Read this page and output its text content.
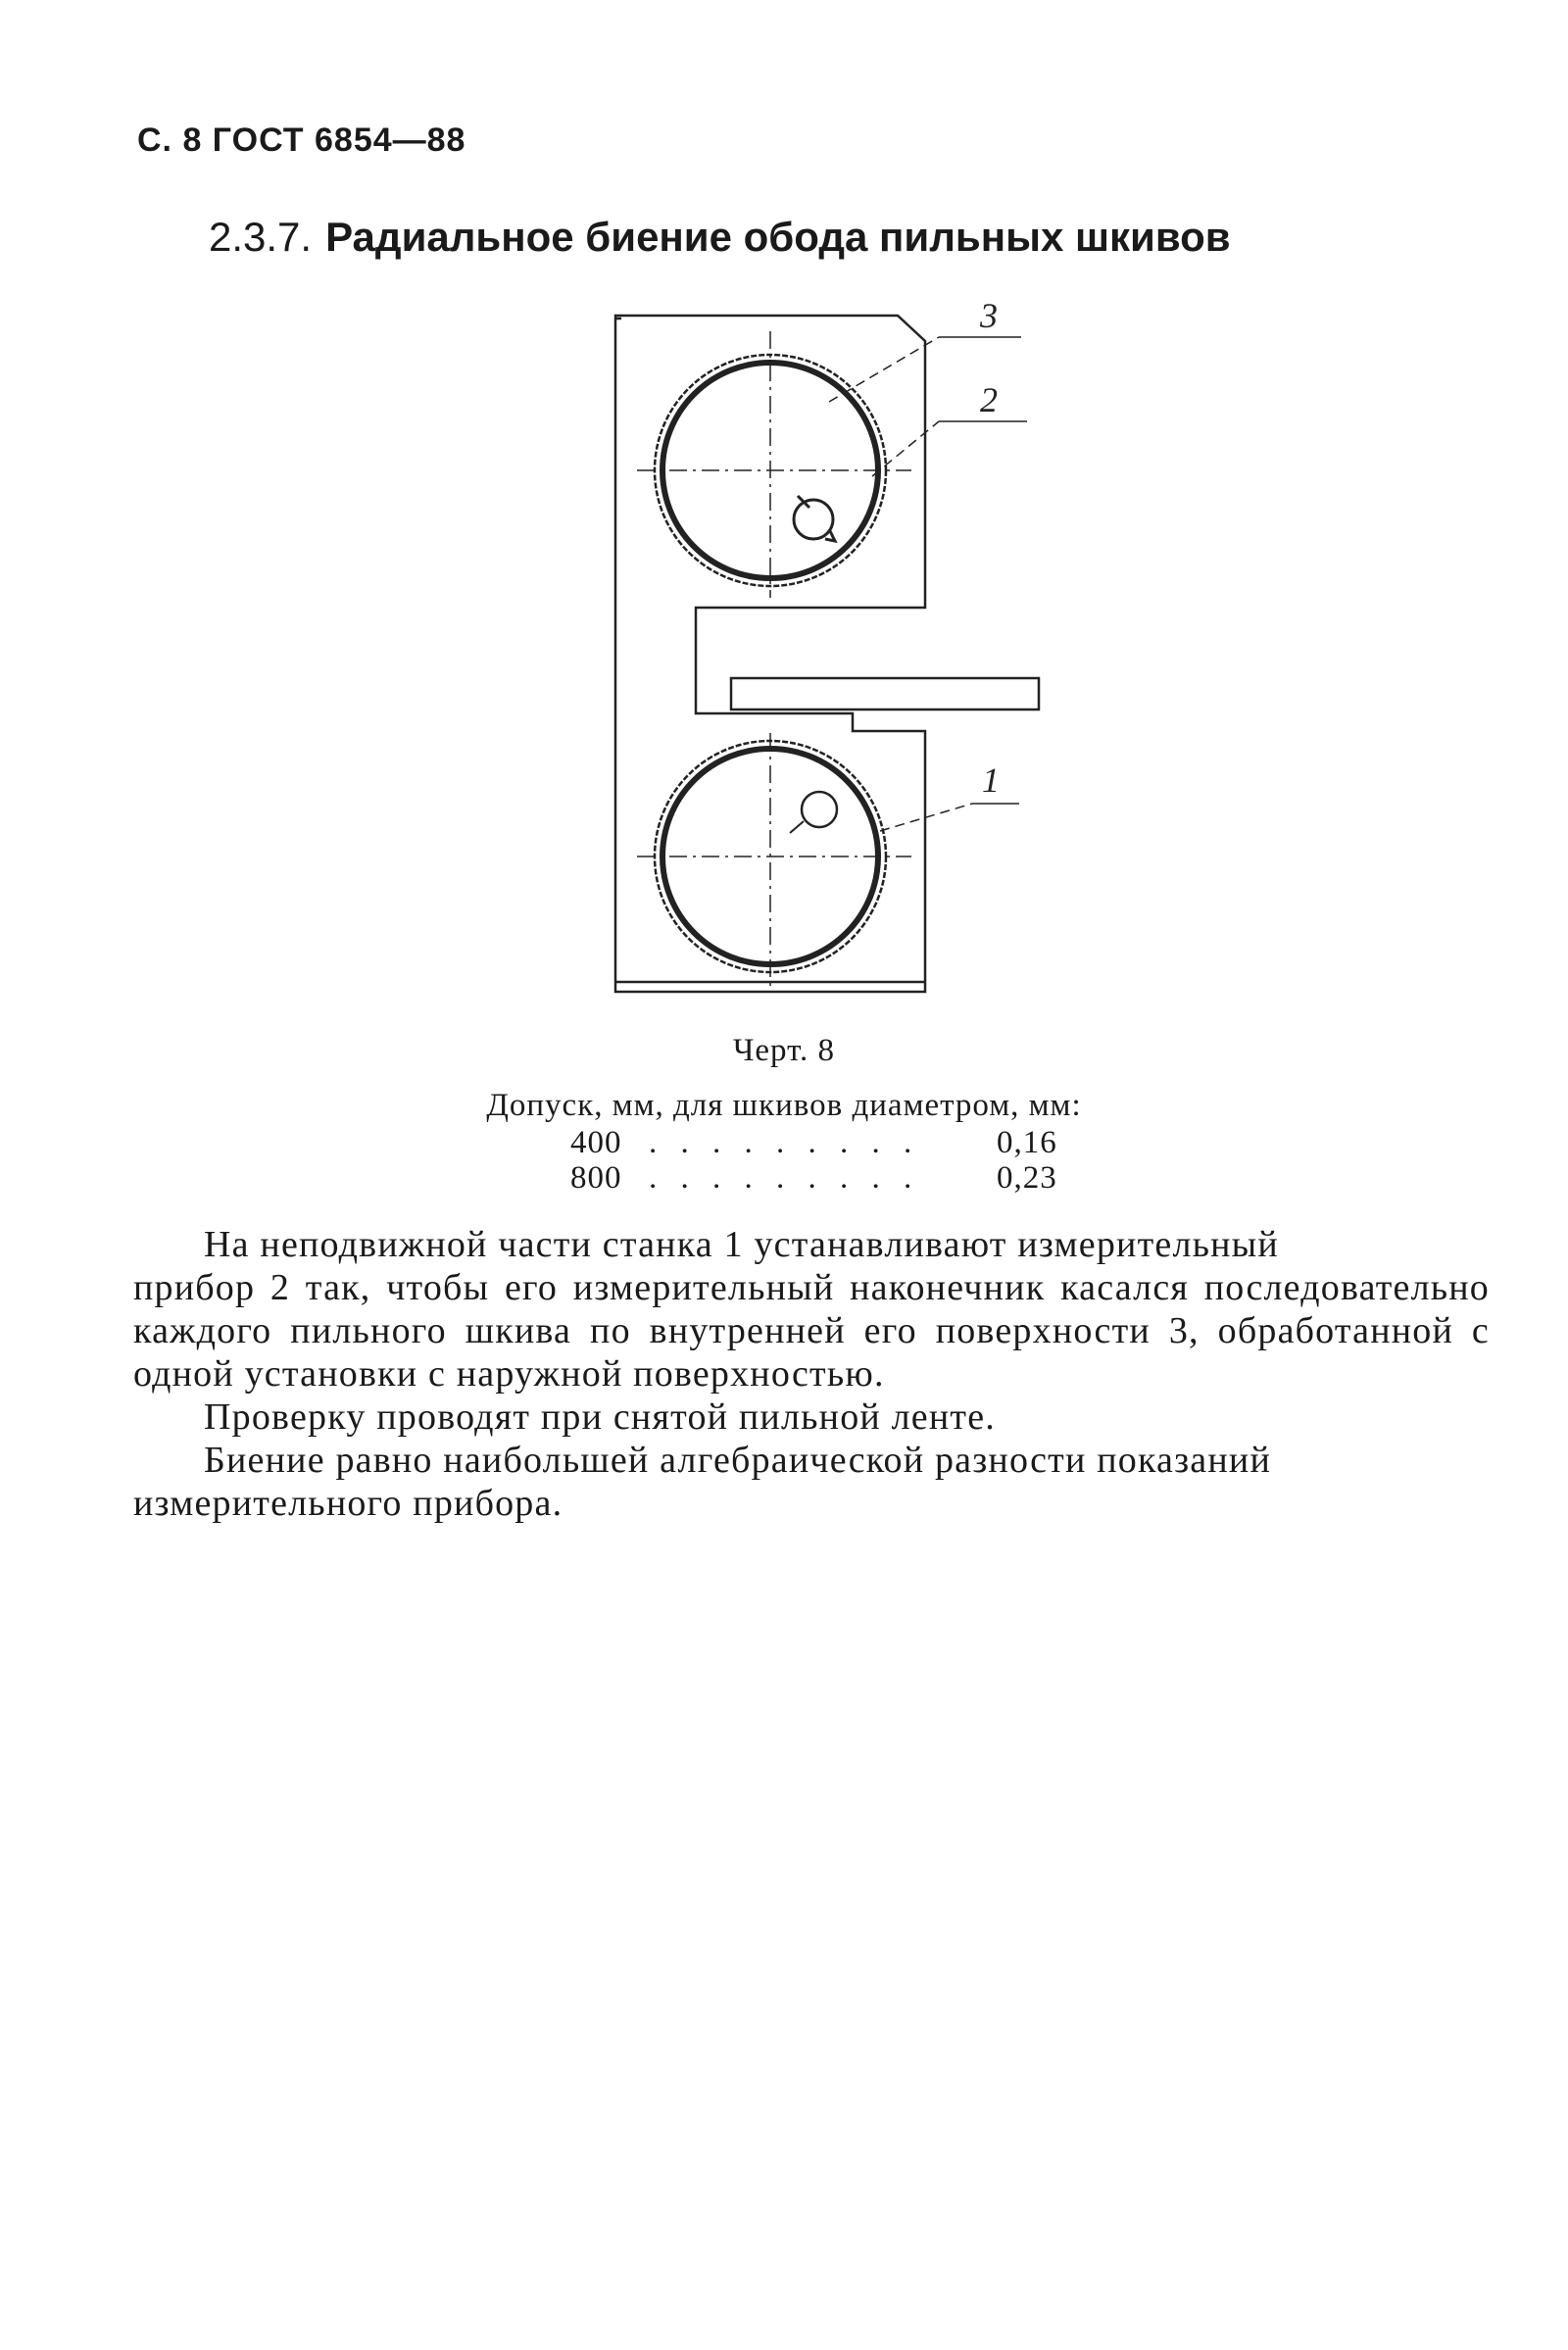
С. 8 ГОСТ 6854—88
2.3.7. Радиальное биение обода пильных шкивов
3
2
1
Черт. 8
Допуск, мм, для шкивов диаметром, мм:
400 . . . . . . . . .	0,16
800 . . . . . . . . .	0,23

На неподвижной части станка 1 устанавливают измерительный

прибор 2 так, чтобы его измерительный наконечник касался последовательно каждого пильного шкива по внутренней его поверхности 3, обработанной с одной установки с наружной поверхностью.

Проверку проводят при снятой пильной ленте.

Биение равно наибольшей алгебраической разности показаний

измерительного прибора.
